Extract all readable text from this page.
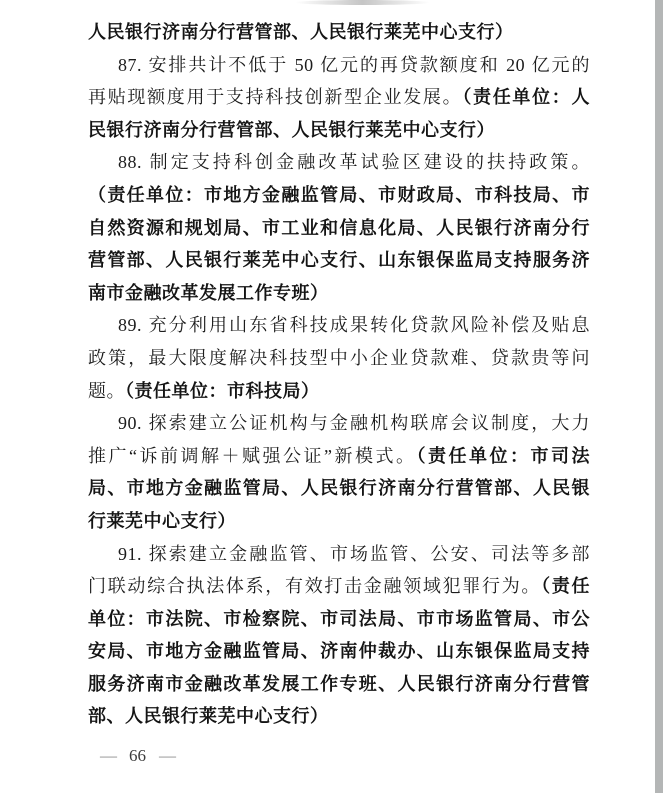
人民银行济南分行营管部、人民银行莱芜中心支行）
87. 安排共计不低于 50 亿元的再贷款额度和 20 亿元的
再贴现额度用于支持科技创新型企业发展。（责任单位：人
民银行济南分行营管部、人民银行莱芜中心支行）
88. 制定支持科创金融改革试验区建设的扶持政策。
（责任单位：市地方金融监管局、市财政局、市科技局、市
自然资源和规划局、市工业和信息化局、人民银行济南分行
营管部、人民银行莱芜中心支行、山东银保监局支持服务济
南市金融改革发展工作专班）
89. 充分利用山东省科技成果转化贷款风险补偿及贴息
政策，最大限度解决科技型中小企业贷款难、贷款贵等问
题。（责任单位：市科技局）
90. 探索建立公证机构与金融机构联席会议制度，大力
推广“诉前调解＋赋强公证”新模式。（责任单位：市司法
局、市地方金融监管局、人民银行济南分行营管部、人民银
行莱芜中心支行）
91. 探索建立金融监管、市场监管、公安、司法等多部
门联动综合执法体系，有效打击金融领域犯罪行为。（责任
单位：市法院、市检察院、市司法局、市市场监管局、市公
安局、市地方金融监管局、济南仲裁办、山东银保监局支持
服务济南市金融改革发展工作专班、人民银行济南分行营管
部、人民银行莱芜中心支行）
— 66 —
